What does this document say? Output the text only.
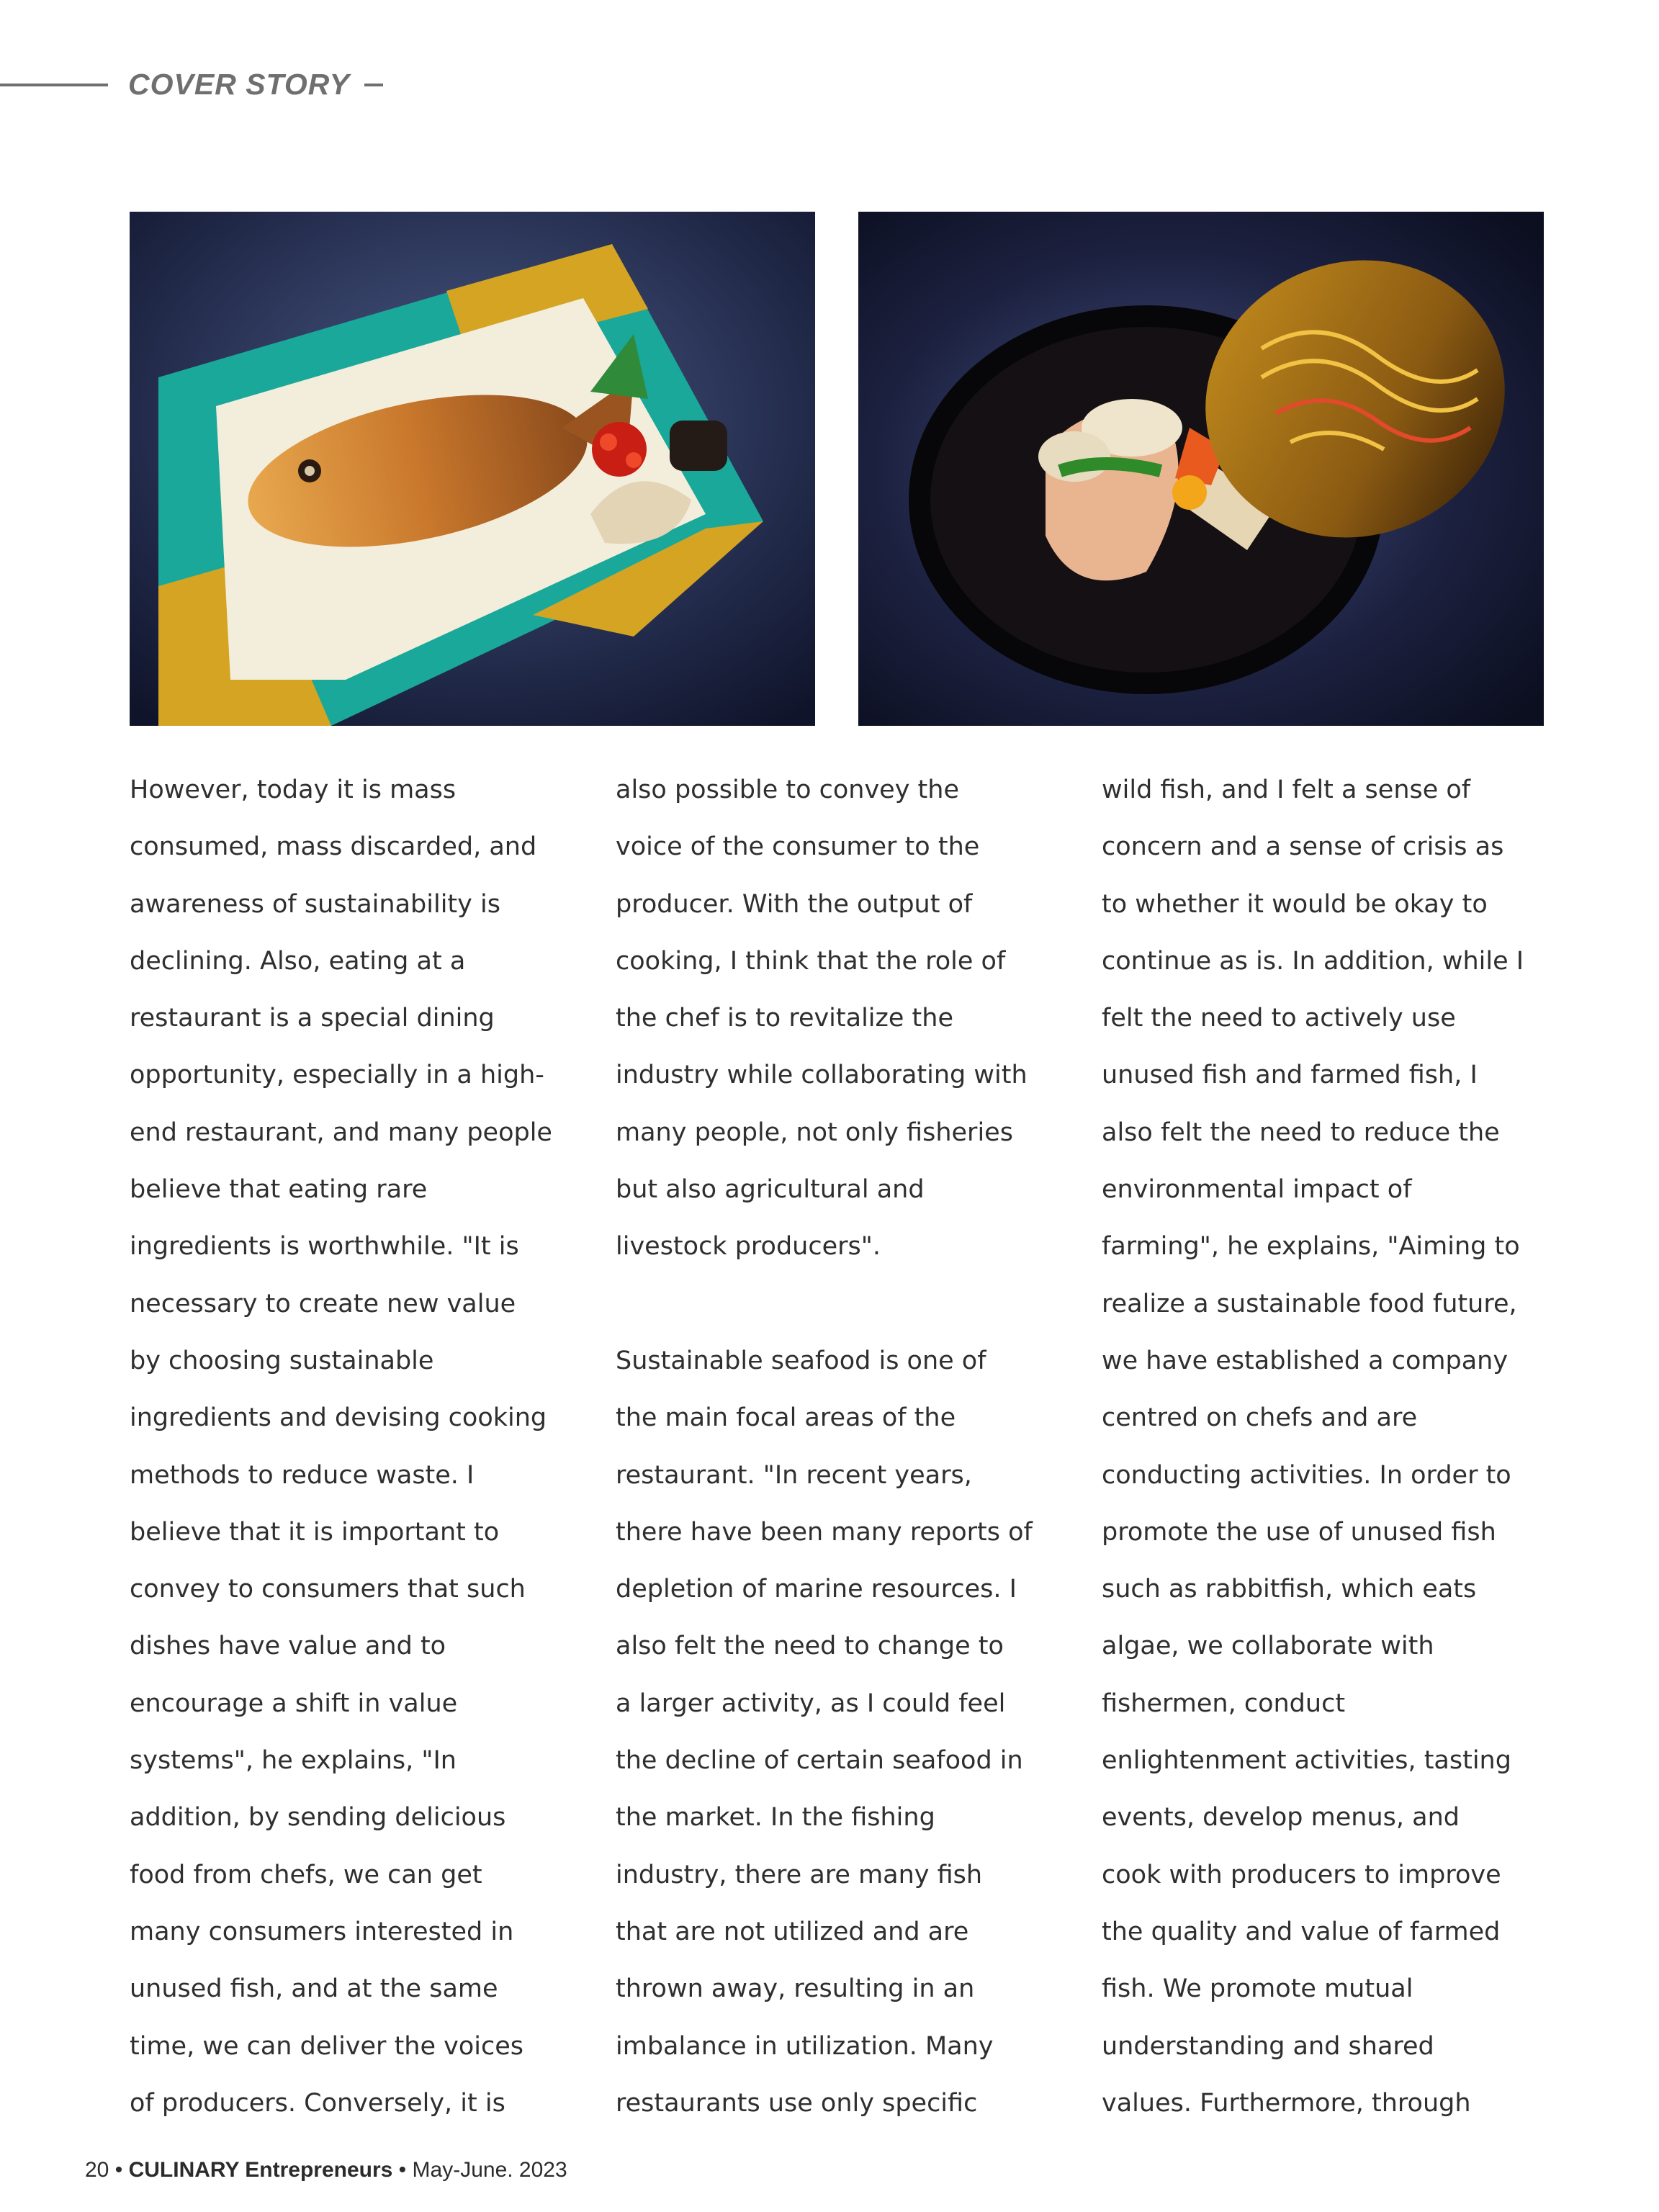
COVER STORY
However, today it is mass
consumed, mass discarded, and
awareness of sustainability is
declining. Also, eating at a
restaurant is a special dining
opportunity, especially in a high-
end restaurant, and many people
believe that eating rare
ingredients is worthwhile. "It is
necessary to create new value
by choosing sustainable
ingredients and devising cooking
methods to reduce waste. I
believe that it is important to
convey to consumers that such
dishes have value and to
encourage a shift in value
systems", he explains, "In
addition, by sending delicious
food from chefs, we can get
many consumers interested in
unused fish, and at the same
time, we can deliver the voices
of producers. Conversely, it is
also possible to convey the
voice of the consumer to the
producer. With the output of
cooking, I think that the role of
the chef is to revitalize the
industry while collaborating with
many people, not only fisheries
but also agricultural and
livestock producers".
Sustainable seafood is one of
the main focal areas of the
restaurant. "In recent years,
there have been many reports of
depletion of marine resources. I
also felt the need to change to
a larger activity, as I could feel
the decline of certain seafood in
the market. In the fishing
industry, there are many fish
that are not utilized and are
thrown away, resulting in an
imbalance in utilization. Many
restaurants use only specific
wild fish, and I felt a sense of
concern and a sense of crisis as
to whether it would be okay to
continue as is. In addition, while I
felt the need to actively use
unused fish and farmed fish, I
also felt the need to reduce the
environmental impact of
farming", he explains, "Aiming to
realize a sustainable food future,
we have established a company
centred on chefs and are
conducting activities. In order to
promote the use of unused fish
such as rabbitfish, which eats
algae, we collaborate with
fishermen, conduct
enlightenment activities, tasting
events, develop menus, and
cook with producers to improve
the quality and value of farmed
fish. We promote mutual
understanding and shared
values. Furthermore, through
20 • CULINARY Entrepreneurs • May-June. 2023
